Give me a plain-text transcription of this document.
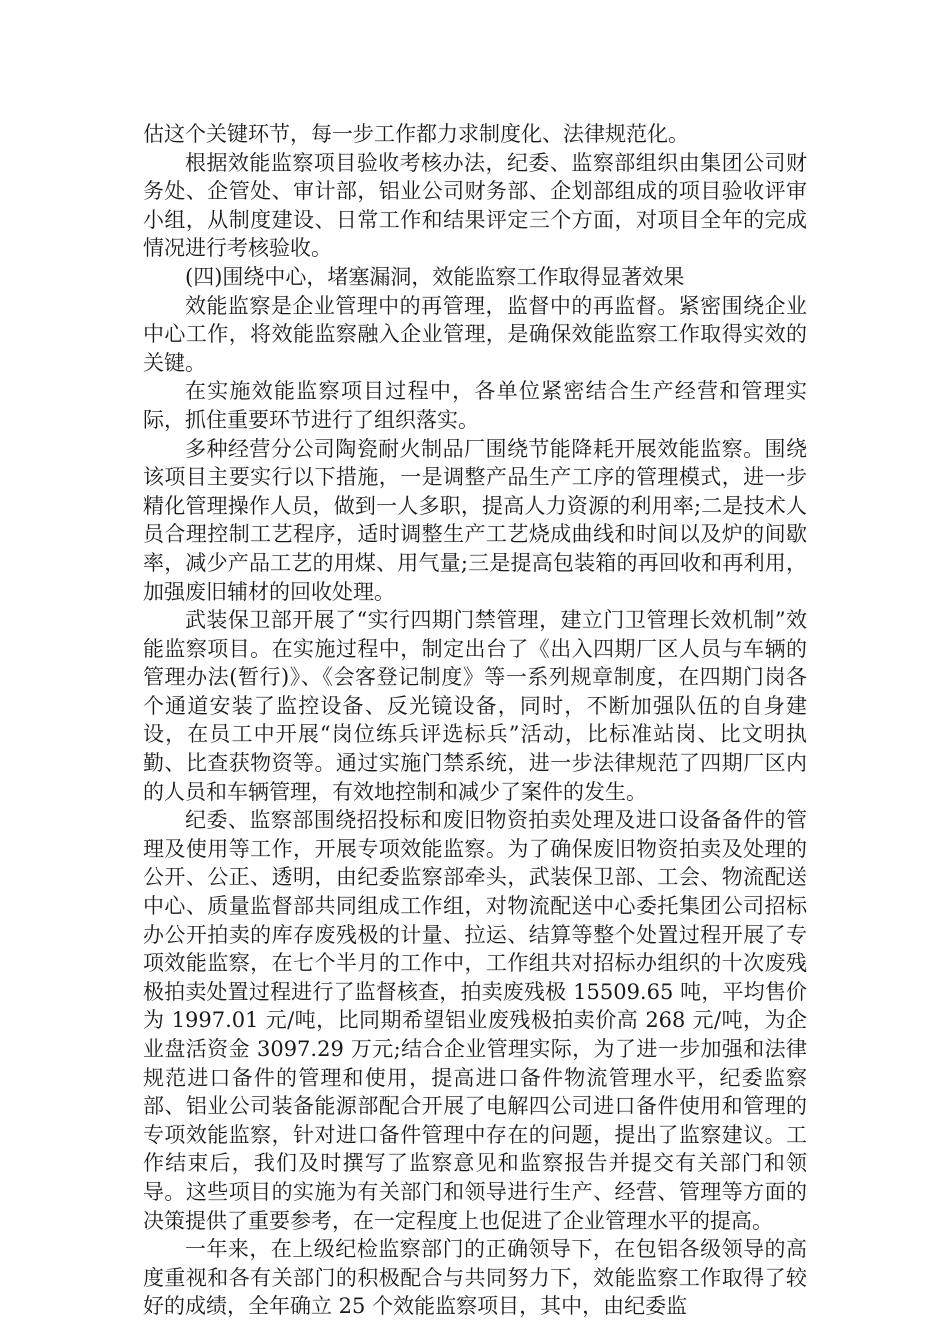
估这个关键环节，每一步工作都力求制度化、法律规范化。

根据效能监察项目验收考核办法，纪委、监察部组织由集团公司财务处、企管处、审计部，铝业公司财务部、企划部组成的项目验收评审小组，从制度建设、日常工作和结果评定三个方面，对项目全年的完成情况进行考核验收。

(四)围绕中心，堵塞漏洞，效能监察工作取得显著效果

效能监察是企业管理中的再管理，监督中的再监督。紧密围绕企业中心工作，将效能监察融入企业管理，是确保效能监察工作取得实效的关键。

在实施效能监察项目过程中，各单位紧密结合生产经营和管理实际，抓住重要环节进行了组织落实。

多种经营分公司陶瓷耐火制品厂围绕节能降耗开展效能监察。围绕该项目主要实行以下措施，一是调整产品生产工序的管理模式，进一步精化管理操作人员，做到一人多职，提高人力资源的利用率;二是技术人员合理控制工艺程序，适时调整生产工艺烧成曲线和时间以及炉的间歇率，减少产品工艺的用煤、用气量;三是提高包装箱的再回收和再利用，加强废旧辅材的回收处理。

武装保卫部开展了“实行四期门禁管理，建立门卫管理长效机制”效能监察项目。在实施过程中，制定出台了《出入四期厂区人员与车辆的管理办法(暂行)》、《会客登记制度》等一系列规章制度，在四期门岗各个通道安装了监控设备、反光镜设备，同时，不断加强队伍的自身建设，在员工中开展“岗位练兵评选标兵”活动，比标准站岗、比文明执勤、比查获物资等。通过实施门禁系统，进一步法律规范了四期厂区内的人员和车辆管理，有效地控制和减少了案件的发生。

纪委、监察部围绕招投标和废旧物资拍卖处理及进口设备备件的管理及使用等工作，开展专项效能监察。为了确保废旧物资拍卖及处理的公开、公正、透明，由纪委监察部牵头，武装保卫部、工会、物流配送中心、质量监督部共同组成工作组，对物流配送中心委托集团公司招标办公开拍卖的库存废残极的计量、拉运、结算等整个处置过程开展了专项效能监察，在七个半月的工作中，工作组共对招标办组织的十次废残极拍卖处置过程进行了监督核查，拍卖废残极 15509.65 吨，平均售价为 1997.01 元/吨，比同期希望铝业废残极拍卖价高 268 元/吨，为企业盘活资金 3097.29 万元;结合企业管理实际，为了进一步加强和法律规范进口备件的管理和使用，提高进口备件物流管理水平，纪委监察部、铝业公司装备能源部配合开展了电解四公司进口备件使用和管理的专项效能监察，针对进口备件管理中存在的问题，提出了监察建议。工作结束后，我们及时撰写了监察意见和监察报告并提交有关部门和领导。这些项目的实施为有关部门和领导进行生产、经营、管理等方面的决策提供了重要参考，在一定程度上也促进了企业管理水平的提高。

一年来，在上级纪检监察部门的正确领导下，在包铝各级领导的高度重视和各有关部门的积极配合与共同努力下，效能监察工作取得了较好的成绩，全年确立 25 个效能监察项目，其中，由纪委监
